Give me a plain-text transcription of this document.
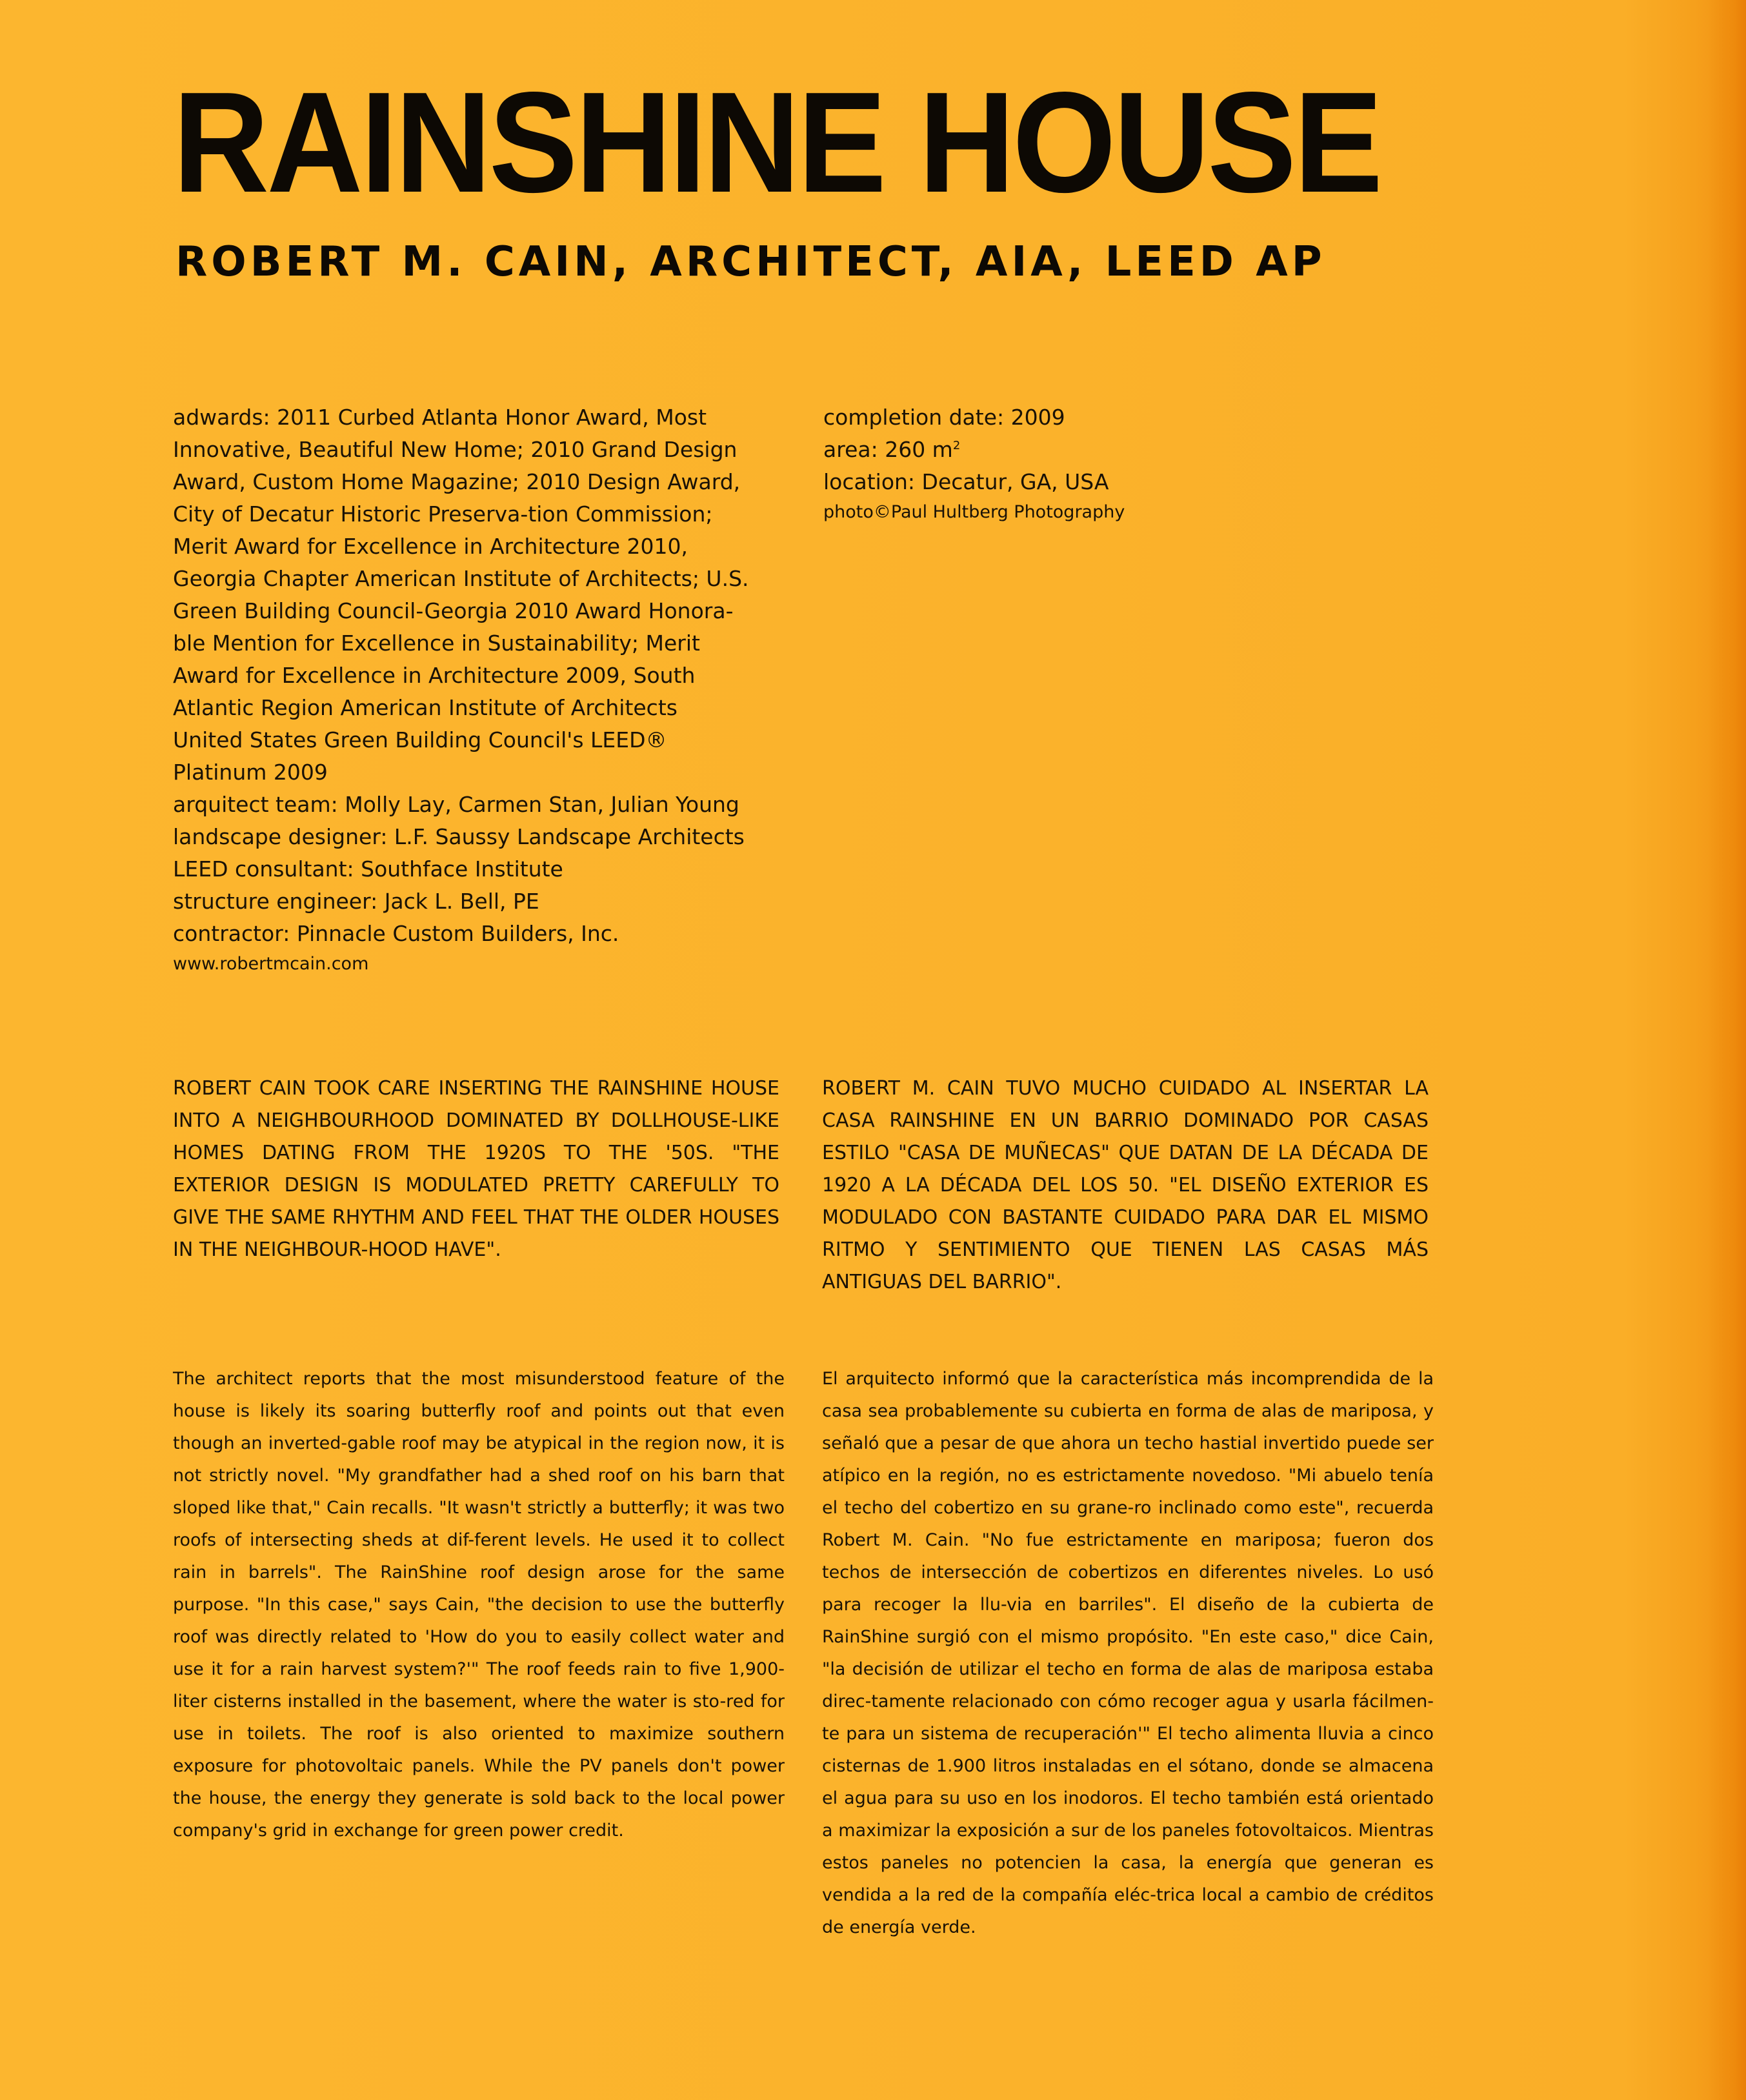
RAINSHINE HOUSE
ROBERT M. CAIN, ARCHITECT, AIA, LEED AP
adwards: 2011 Curbed Atlanta Honor Award, Most
Innovative, Beautiful New Home; 2010 Grand Design
Award, Custom Home Magazine; 2010 Design Award,
City of Decatur Historic Preserva-tion Commission;
Merit Award for Excellence in Architecture 2010,
Georgia Chapter American Institute of Architects; U.S.
Green Building Council-Georgia 2010 Award Honora-
ble Mention for Excellence in Sustainability; Merit
Award for Excellence in Architecture 2009, South
Atlantic Region American Institute of Architects
United States Green Building Council's LEED®
Platinum 2009
arquitect team: Molly Lay, Carmen Stan, Julian Young
landscape designer: L.F. Saussy Landscape Architects
LEED consultant: Southface Institute
structure engineer: Jack L. Bell, PE
contractor: Pinnacle Custom Builders, Inc.
www.robertmcain.com
completion date: 2009
area: 260 $m^2$
location: Decatur, GA, USA
photo©Paul Hultberg Photography

ROBERT CAIN TOOK CARE INSERTING THE RAINSHINE HOUSE INTO A NEIGHBOURHOOD DOMINATED BY DOLLHOUSE-LIKE HOMES DATING FROM THE 1920S TO THE '50S. "THE EXTERIOR DESIGN IS MODULATED PRETTY CAREFULLY TO GIVE THE SAME RHYTHM AND FEEL THAT THE OLDER HOUSES IN THE NEIGHBOUR-HOOD HAVE".

ROBERT M. CAIN TUVO MUCHO CUIDADO AL INSERTAR LA CASA RAINSHINE EN UN BARRIO DOMINADO POR CASAS ESTILO "CASA DE MUÑECAS" QUE DATAN DE LA DÉCADA DE 1920 A LA DÉCADA DEL LOS 50. "EL DISEÑO EXTERIOR ES MODULADO CON BASTANTE CUIDADO PARA DAR EL MISMO RITMO Y SENTIMIENTO QUE TIENEN LAS CASAS MÁS ANTIGUAS DEL BARRIO".

The architect reports that the most misunderstood feature of the house is likely its soaring butterfly roof and points out that even though an inverted-gable roof may be atypical in the region now, it is not strictly novel. "My grandfather had a shed roof on his barn that sloped like that," Cain recalls. "It wasn't strictly a butterfly; it was two roofs of intersecting sheds at dif-ferent levels. He used it to collect rain in barrels". The RainShine roof design arose for the same purpose. "In this case," says Cain, "the decision to use the butterfly roof was directly related to 'How do you to easily collect water and use it for a rain harvest system?'" The roof feeds rain to five 1,900-liter cisterns installed in the basement, where the water is sto-red for use in toilets. The roof is also oriented to maximize southern exposure for photovoltaic panels. While the PV panels don't power the house, the energy they generate is sold back to the local power company's grid in exchange for green power credit.

El arquitecto informó que la característica más incomprendida de la casa sea probablemente su cubierta en forma de alas de mariposa, y señaló que a pesar de que ahora un techo hastial invertido puede ser atípico en la región, no es estrictamente novedoso. "Mi abuelo tenía el techo del cobertizo en su grane-ro inclinado como este", recuerda Robert M. Cain. "No fue estrictamente en mariposa; fueron dos techos de intersección de cobertizos en diferentes niveles. Lo usó para recoger la llu-via en barriles". El diseño de la cubierta de RainShine surgió con el mismo propósito. "En este caso," dice Cain, "la decisión de utilizar el techo en forma de alas de mariposa estaba direc-tamente relacionado con cómo recoger agua y usarla fácilmen-te para un sistema de recuperación'" El techo alimenta lluvia a cinco cisternas de 1.900 litros instaladas en el sótano, donde se almacena el agua para su uso en los inodoros. El techo también está orientado a maximizar la exposición a sur de los paneles fotovoltaicos. Mientras estos paneles no potencien la casa, la energía que generan es vendida a la red de la compañía eléc-trica local a cambio de créditos de energía verde.
